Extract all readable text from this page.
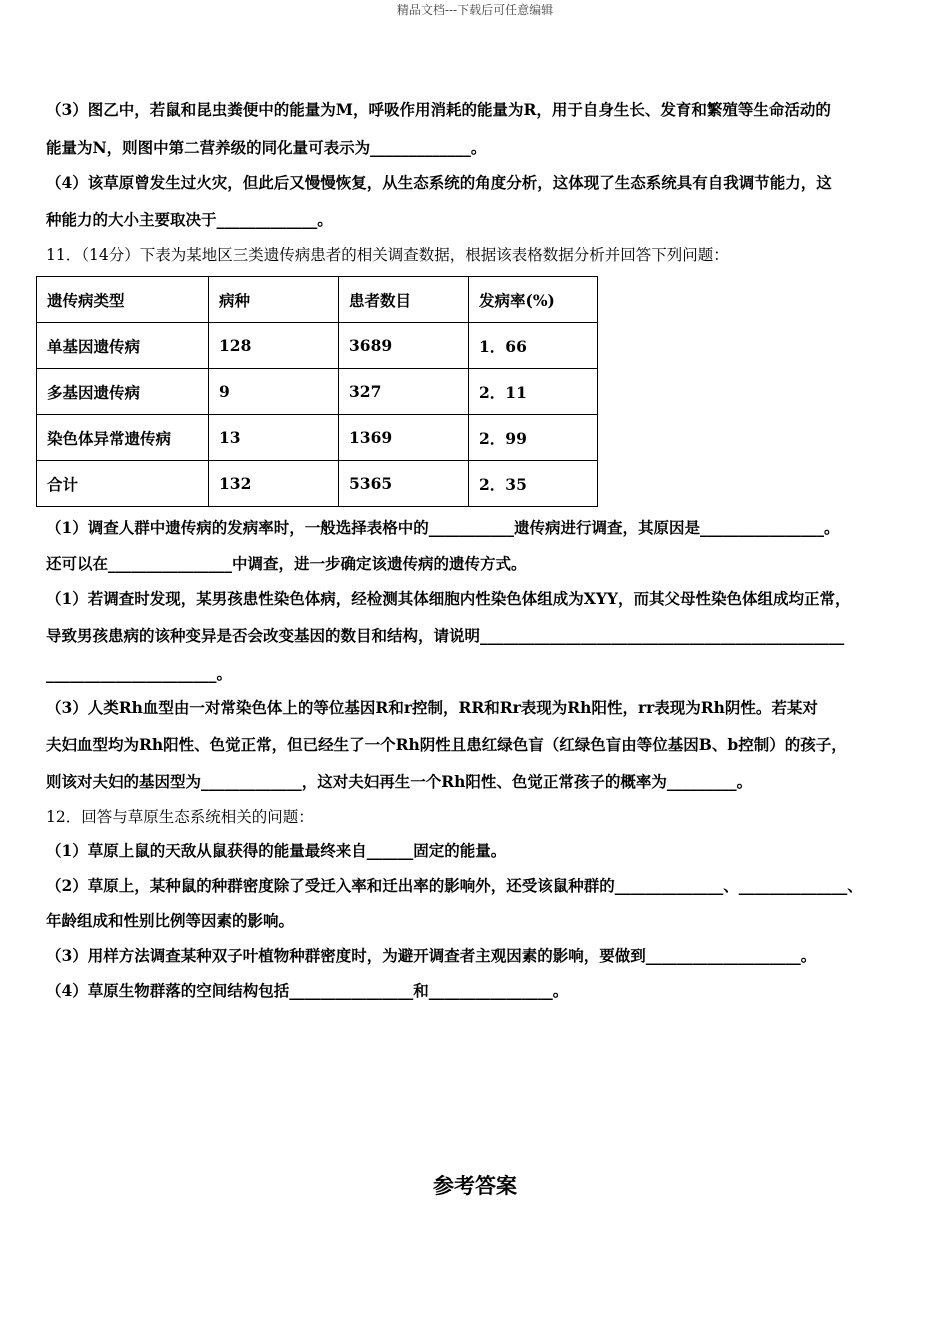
精品文档---下载后可任意编辑
（3）图乙中，若鼠和昆虫粪便中的能量为M，呼吸作用消耗的能量为R，用于自身生长、发育和繁殖等生命活动的
能量为N，则图中第二营养级的同化量可表示为_____________。
（4）该草原曾发生过火灾，但此后又慢慢恢复，从生态系统的角度分析，这体现了生态系统具有自我调节能力，这
种能力的大小主要取决于_____________。
11．（14分）下表为某地区三类遗传病患者的相关调查数据，根据该表格数据分析并回答下列问题：
遗传病类型	病种	患者数目	发病率(%)
单基因遗传病	128	3689	1．66
多基因遗传病	9	327	2．11
染色体异常遗传病	13	1369	2．99
合计	132	5365	2．35
（1）调查人群中遗传病的发病率时，一般选择表格中的___________遗传病进行调查，其原因是________________。
还可以在________________中调查，进一步确定该遗传病的遗传方式。
（1）若调查时发现，某男孩患性染色体病，经检测其体细胞内性染色体组成为XYY，而其父母性染色体组成均正常，
导致男孩患病的该种变异是否会改变基因的数目和结构，请说明_______________________________________________
______________________。
（3）人类Rh血型由一对常染色体上的等位基因R和r控制，RR和Rr表现为Rh阳性，rr表现为Rh阴性。若某对
夫妇血型均为Rh阳性、色觉正常，但已经生了一个Rh阴性且患红绿色盲（红绿色盲由等位基因B、b控制）的孩子，
则该对夫妇的基因型为_____________，这对夫妇再生一个Rh阳性、色觉正常孩子的概率为_________。
12．回答与草原生态系统相关的问题：
（1）草原上鼠的天敌从鼠获得的能量最终来自______固定的能量。
（2）草原上，某种鼠的种群密度除了受迁入率和迁出率的影响外，还受该鼠种群的______________、______________、
年龄组成和性别比例等因素的影响。
（3）用样方法调查某种双子叶植物种群密度时，为避开调查者主观因素的影响，要做到____________________。
（4）草原生物群落的空间结构包括________________和________________。
参考答案
